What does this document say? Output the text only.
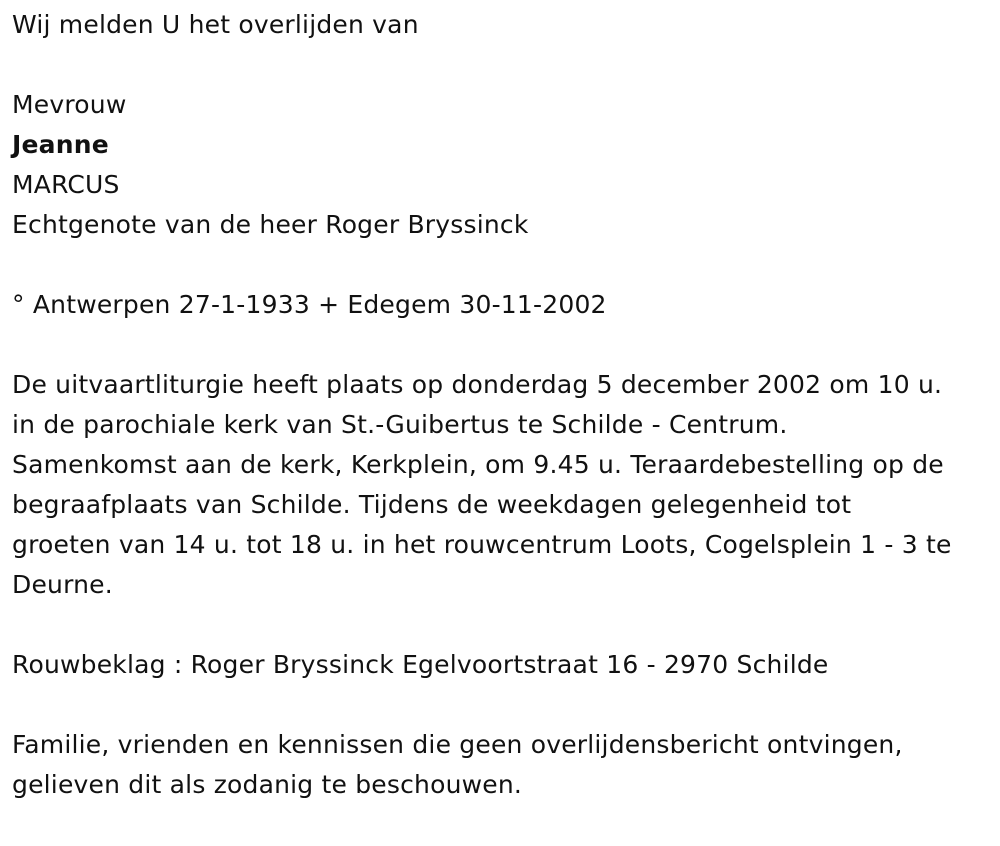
Wij melden U het overlijden van
Mevrouw
Jeanne
MARCUS
Echtgenote van de heer Roger Bryssinck
° Antwerpen 27-1-1933 + Edegem 30-11-2002
De uitvaartliturgie heeft plaats op donderdag 5 december 2002 om 10 u.
in de parochiale kerk van St.-Guibertus te Schilde - Centrum.
Samenkomst aan de kerk, Kerkplein, om 9.45 u. Teraardebestelling op de
begraafplaats van Schilde. Tijdens de weekdagen gelegenheid tot
groeten van 14 u. tot 18 u. in het rouwcentrum Loots, Cogelsplein 1 - 3 te
Deurne.
Rouwbeklag : Roger Bryssinck Egelvoortstraat 16 - 2970 Schilde
Familie, vrienden en kennissen die geen overlijdensbericht ontvingen,
gelieven dit als zodanig te beschouwen.
